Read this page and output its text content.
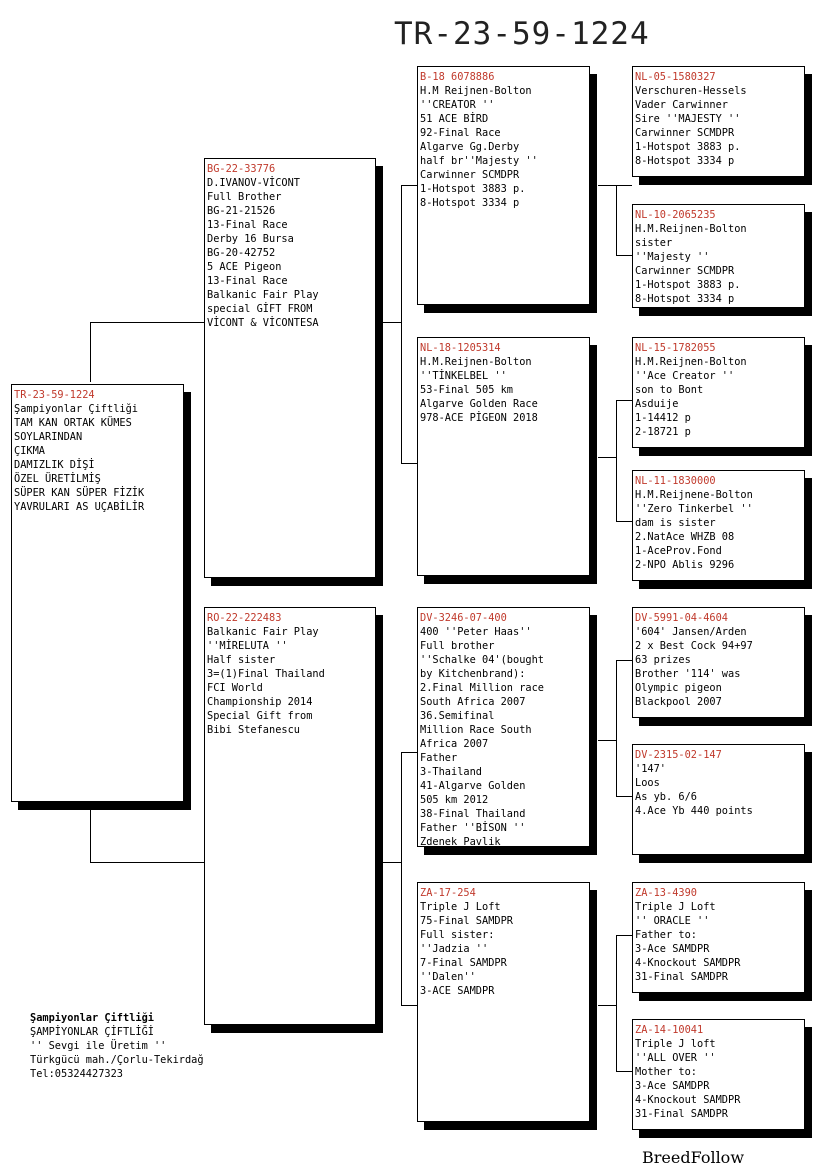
TR-23-59-1224
TR-23-59-1224
Şampiyonlar Çiftliği
TAM KAN ORTAK KÜMES
SOYLARINDAN
ÇIKMA
DAMIZLIK DİŞİ
ÖZEL ÜRETİLMİŞ
SÜPER KAN SÜPER FİZİK
YAVRULARI AS UÇABİLİR
BG-22-33776
D.IVANOV-VİCONT
Full Brother
BG-21-21526
13-Final Race
Derby 16 Bursa
BG-20-42752
5 ACE Pigeon
13-Final Race
Balkanic Fair Play
special GİFT FROM
VİCONT & VİCONTESA
RO-22-222483
Balkanic Fair Play
''MİRELUTA ''
Half sister
3=(1)Final Thailand
FCI World
Championship 2014
Special Gift from
Bibi Stefanescu
B-18 6078886
H.M Reijnen-Bolton
''CREATOR ''
51 ACE BİRD
92-Final Race
Algarve Gg.Derby
half br''Majesty ''
Carwinner SCMDPR
1-Hotspot 3883 p.
8-Hotspot 3334 p
NL-18-1205314
H.M.Reijnen-Bolton
''TİNKELBEL ''
53-Final 505 km
Algarve Golden Race
978-ACE PİGEON 2018
DV-3246-07-400
400 ''Peter Haas''
Full brother
''Schalke 04'(bought
by Kitchenbrand):
2.Final Million race
South Africa 2007
36.Semifinal
Million Race South
Africa 2007
Father
3-Thailand
41-Algarve Golden
505 km 2012
38-Final Thailand
Father ''BİSON ''
Zdenek Pavlik
ZA-17-254
Triple J Loft
75-Final SAMDPR
Full sister:
''Jadzia ''
7-Final SAMDPR
''Dalen''
3-ACE SAMDPR
NL-05-1580327
Verschuren-Hessels
Vader Carwinner
Sire ''MAJESTY ''
Carwinner SCMDPR
1-Hotspot 3883 p.
8-Hotspot 3334 p
NL-10-2065235
H.M.Reijnen-Bolton
sister
''Majesty ''
Carwinner SCMDPR
1-Hotspot 3883 p.
8-Hotspot 3334 p
NL-15-1782055
H.M.Reijnen-Bolton
''Ace Creator ''
son to Bont
Asduije
1-14412 p
2-18721 p
NL-11-1830000
H.M.Reijnene-Bolton
''Zero Tinkerbel ''
dam is sister
2.NatAce WHZB 08
1-AceProv.Fond
2-NPO Ablis 9296
DV-5991-04-4604
'604' Jansen/Arden
2 x Best Cock 94+97
63 prizes
Brother '114' was
Olympic pigeon
Blackpool 2007
DV-2315-02-147
'147'
Loos
As yb. 6/6
4.Ace Yb 440 points
ZA-13-4390
Triple J Loft
'' ORACLE ''
Father to:
3-Ace SAMDPR
4-Knockout SAMDPR
31-Final SAMDPR
ZA-14-10041
Triple J loft
''ALL OVER ''
Mother to:
3-Ace SAMDPR
4-Knockout SAMDPR
31-Final SAMDPR
Şampiyonlar Çiftliği
ŞAMPİYONLAR ÇİFTLİĞİ
'' Sevgi ile Üretim ''
Türkgücü mah./Çorlu-Tekirdağ
Tel:05324427323
BreedFollow
